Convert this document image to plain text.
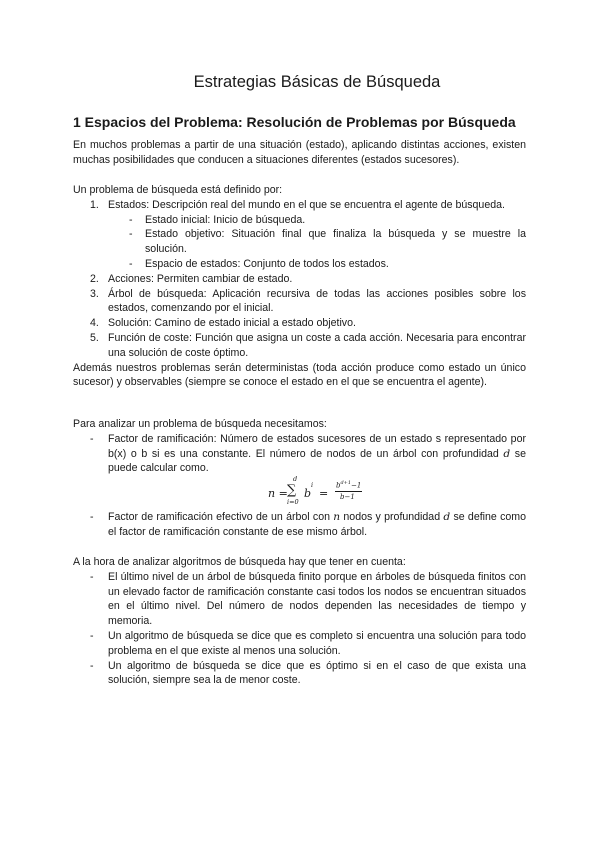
Estrategias Básicas de Búsqueda
1 Espacios del Problema: Resolución de Problemas por Búsqueda

En muchos problemas a partir de una situación (estado), aplicando distintas acciones, existen muchas posibilidades que conducen a situaciones diferentes (estados sucesores).

Un problema de búsqueda está definido por:

1. Estados: Descripción real del mundo en el que se encuentra el agente de búsqueda.
- Estado inicial: Inicio de búsqueda.
- Estado objetivo: Situación final que finaliza la búsqueda y se muestre la solución.
- Espacio de estados: Conjunto de todos los estados.
2. Acciones: Permiten cambiar de estado.
3. Árbol de búsqueda: Aplicación recursiva de todas las acciones posibles sobre los estados, comenzando por el inicial.
4. Solución: Camino de estado inicial a estado objetivo.
5. Función de coste: Función que asigna un coste a cada acción. Necesaria para encontrar una solución de coste óptimo.

Además nuestros problemas serán deterministas (toda acción produce como estado un único sucesor) y observables (siempre se conoce el estado en el que se encuentra el agente).

Para analizar un problema de búsqueda necesitamos:

- Factor de ramificación: Número de estados sucesores de un estado s representado por b(x) o b si es una constante. El número de nodos de un árbol con profundidad d se puede calcular como.
n =
d
∑
i=0
b
i
=
$b^{d+1}-1$
b−1
- Factor de ramificación efectivo de un árbol con n nodos y profundidad d se define como el factor de ramificación constante de ese mismo árbol.

A la hora de analizar algoritmos de búsqueda hay que tener en cuenta:

- El último nivel de un árbol de búsqueda finito porque en árboles de búsqueda finitos con un elevado factor de ramificación constante casi todos los nodos se encuentran situados en el último nivel. Del número de nodos dependen las necesidades de tiempo y memoria.
- Un algoritmo de búsqueda se dice que es completo si encuentra una solución para todo problema en el que existe al menos una solución.
- Un algoritmo de búsqueda se dice que es óptimo si en el caso de que exista una solución, siempre sea la de menor coste.
